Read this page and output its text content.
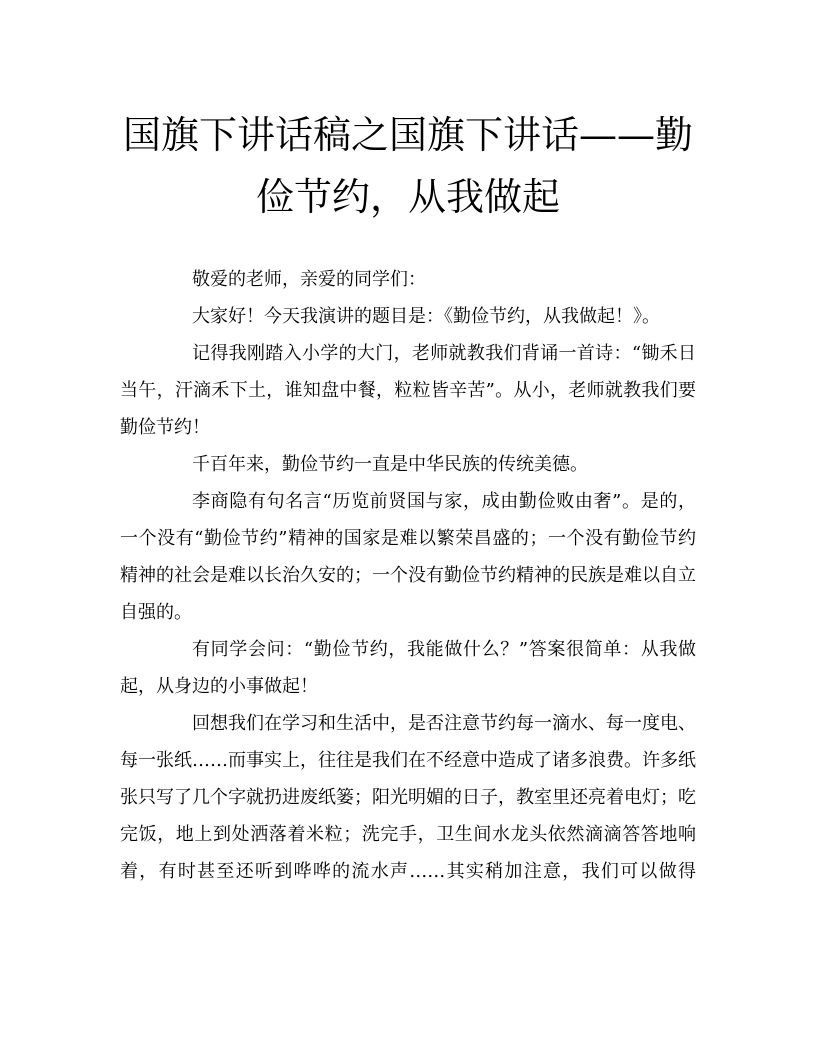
国旗下讲话稿之国旗下讲话——勤俭节约，从我做起

敬爱的老师，亲爱的同学们：

大家好！今天我演讲的题目是：《勤俭节约，从我做起！》。

记得我刚踏入小学的大门，老师就教我们背诵一首诗：“锄禾日当午，汗滴禾下土，谁知盘中餐，粒粒皆辛苦”。从小，老师就教我们要勤俭节约！

千百年来，勤俭节约一直是中华民族的传统美德。

李商隐有句名言“历览前贤国与家，成由勤俭败由奢”。是的，一个没有“勤俭节约”精神的国家是难以繁荣昌盛的；一个没有勤俭节约精神的社会是难以长治久安的；一个没有勤俭节约精神的民族是难以自立自强的。

有同学会问：“勤俭节约，我能做什么？”答案很简单：从我做起，从身边的小事做起！

回想我们在学习和生活中，是否注意节约每一滴水、每一度电、每一张纸……而事实上，往往是我们在不经意中造成了诸多浪费。许多纸张只写了几个字就扔进废纸篓；阳光明媚的日子，教室里还亮着电灯；吃完饭，地上到处洒落着米粒；洗完手，卫生间水龙头依然滴滴答答地响着，有时甚至还听到哗哗的流水声……其实稍加注意，我们可以做得
